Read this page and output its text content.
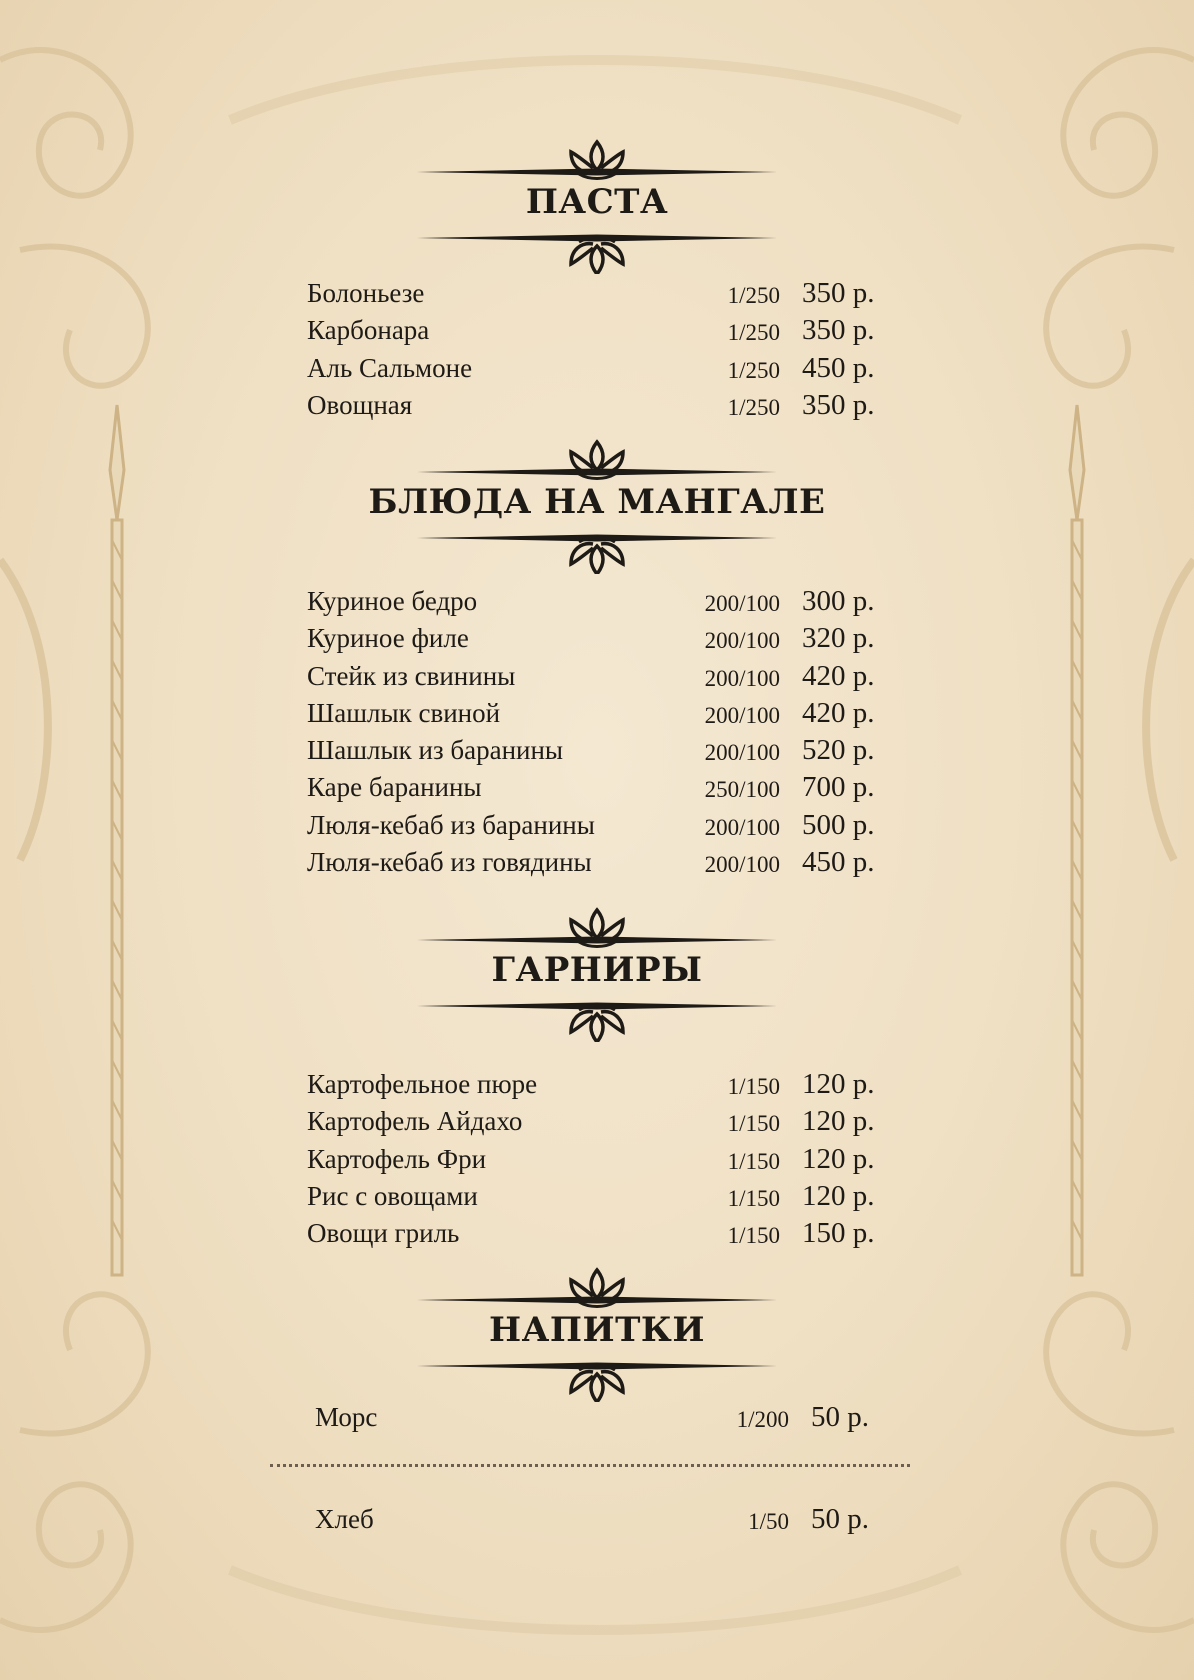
ПАСТА
Болоньезе	1/250 350 р.
Карбонара	1/250 350 р.
Аль Сальмоне	1/250 450 р.
Овощная	1/250 350 р.
БЛЮДА НА МАНГАЛЕ
Куриное бедро	200/100 300 р.
Куриное филе	200/100 320 р.
Стейк из свинины	200/100 420 р.
Шашлык свиной	200/100 420 р.
Шашлык из баранины	200/100 520 р.
Каре баранины	250/100 700 р.
Люля-кебаб из баранины	200/100 500 р.
Люля-кебаб из говядины	200/100 450 р.
ГАРНИРЫ
Картофельное пюре	1/150 120 р.
Картофель Айдахо	1/150 120 р.
Картофель Фри	1/150 120 р.
Рис с овощами	1/150 120 р.
Овощи гриль	1/150 150 р.
НАПИТКИ
Морс	1/200 50 р.
Хлеб	1/50 50 р.
